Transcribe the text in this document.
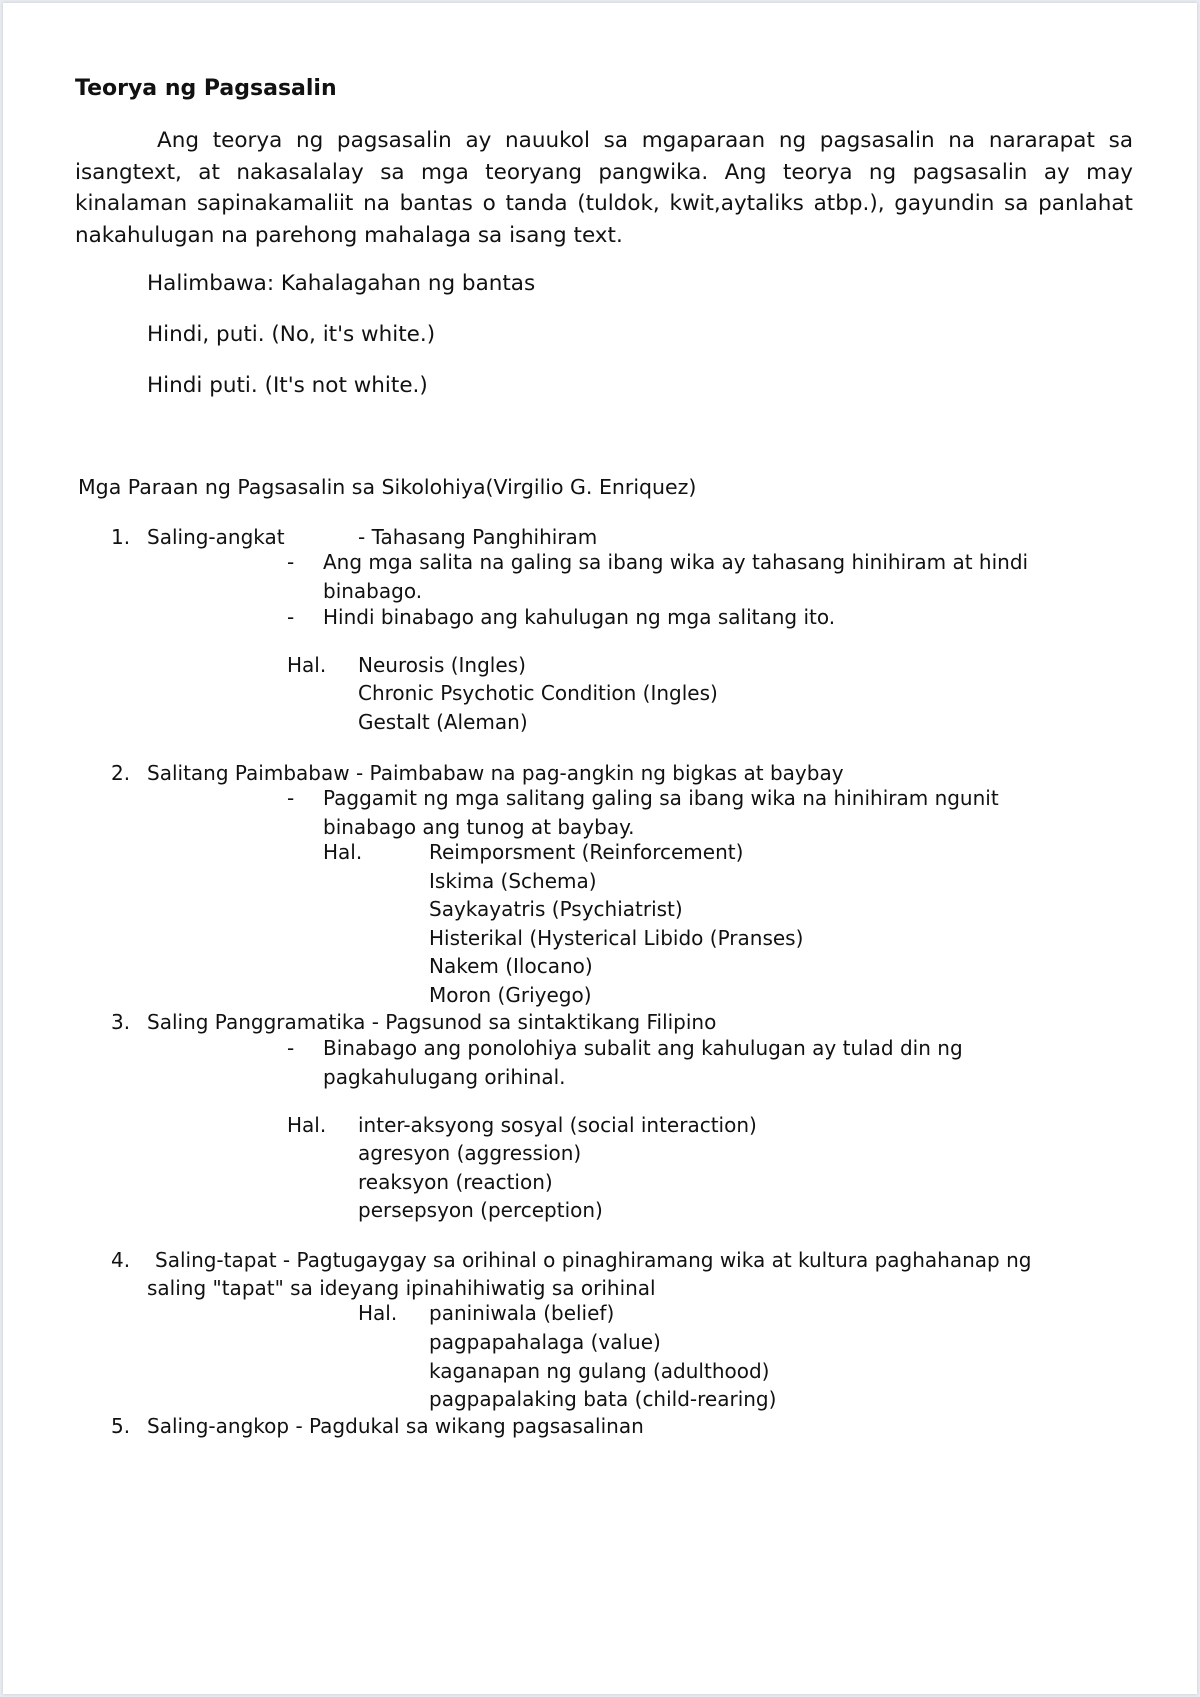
Teorya ng Pagsasalin
Ang teorya ng pagsasalin ay nauukol sa mgaparaan ng pagsasalin na nararapat sa isangtext, at nakasalalay sa mga teoryang pangwika. Ang teorya ng pagsasalin ay may kinalaman sapinakamaliit na bantas o tanda (tuldok, kwit,aytaliks atbp.), gayundin sa panlahat nakahulugan na parehong mahalaga sa isang text.
Halimbawa: Kahalagahan ng bantas
Hindi, puti. (No, it's white.)
Hindi puti. (It's not white.)
Mga Paraan ng Pagsasalin sa Sikolohiya(Virgilio G. Enriquez)
1. Saling-angkat	- Tahasang Panghihiram
- Ang mga salita na galing sa ibang wika ay tahasang hinihiram at hindi
binabago.
- Hindi binabago ang kahulugan ng mga salitang ito.
Hal. Neurosis (Ingles)
Chronic Psychotic Condition (Ingles)
Gestalt (Aleman)
2. Salitang Paimbabaw - Paimbabaw na pag-angkin ng bigkas at baybay
- Paggamit ng mga salitang galing sa ibang wika na hinihiram ngunit
binabago ang tunog at baybay.
Hal.	Reimporsment (Reinforcement)
Iskima (Schema)
Saykayatris (Psychiatrist)
Histerikal (Hysterical Libido (Pranses)
Nakem (Ilocano)
Moron (Griyego)
3. Saling Panggramatika - Pagsunod sa sintaktikang Filipino
- Binabago ang ponolohiya subalit ang kahulugan ay tulad din ng
pagkahulugang orihinal.
Hal. inter-aksyong sosyal (social interaction)
agresyon (aggression)
reaksyon (reaction)
persepsyon (perception)
4. Saling-tapat - Pagtugaygay sa orihinal o pinaghiramang wika at kultura paghahanap ng
saling "tapat" sa ideyang ipinahihiwatig sa orihinal
Hal. paniniwala (belief)
pagpapahalaga (value)
kaganapan ng gulang (adulthood)
pagpapalaking bata (child-rearing)
5. Saling-angkop - Pagdukal sa wikang pagsasalinan
